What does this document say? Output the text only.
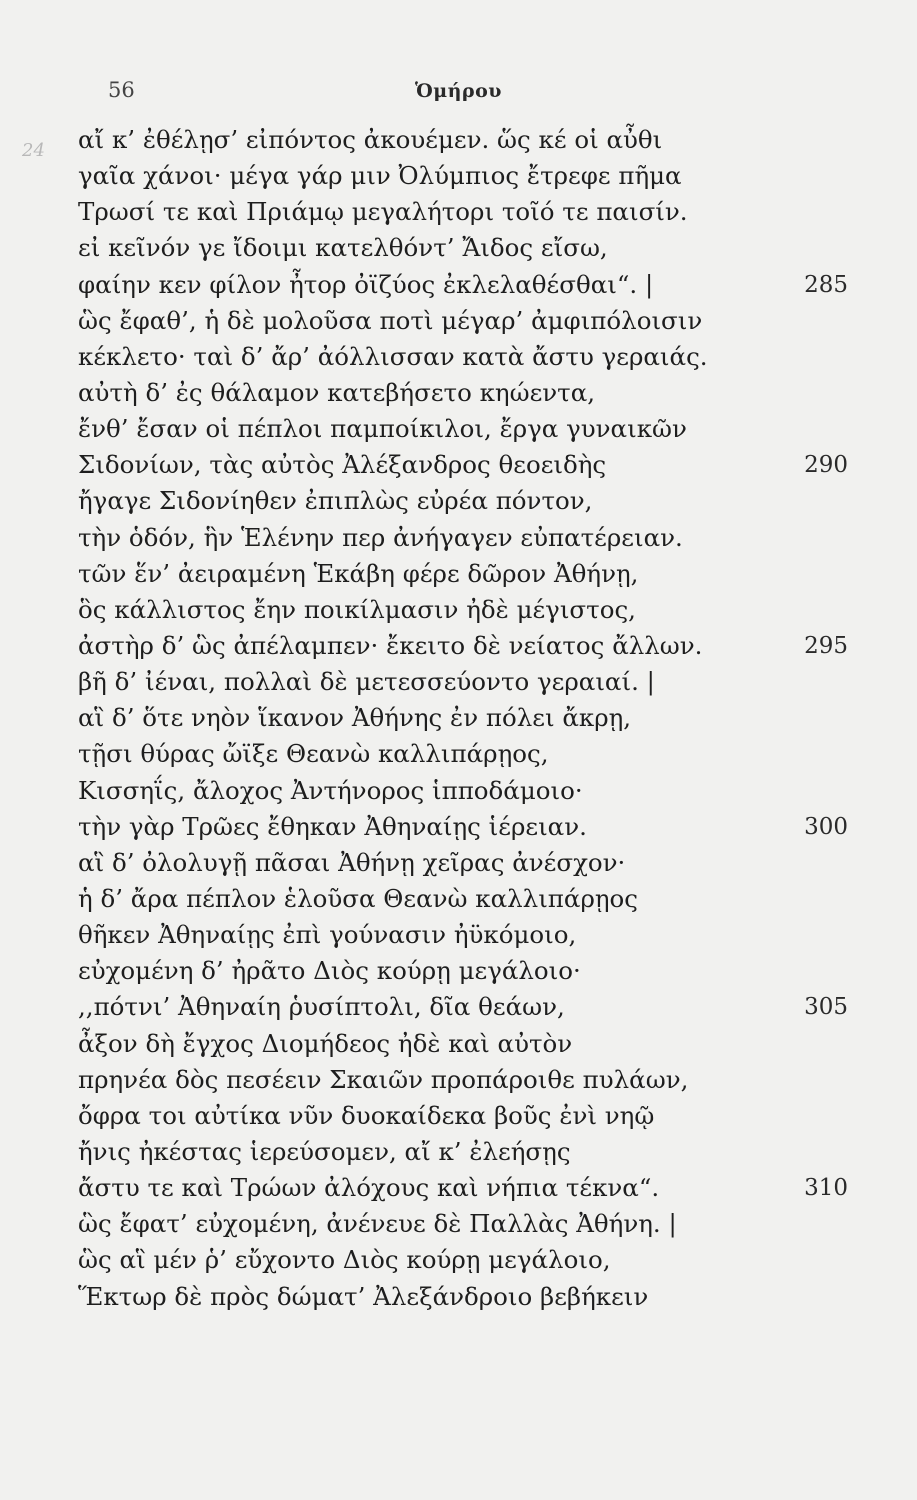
56	Ὁμήρου
24 αἴ κ’ ἐθέλῃσ’ εἰπόντος ἀκουέμεν. ὥς κέ οἱ αὖθι
γαῖα χάνοι· μέγα γάρ μιν Ὀλύμπιος ἔτρεφε πῆμα
Τρωσί τε καὶ Πριάμῳ μεγαλήτορι τοῖό τε παισίν.
εἰ κεῖνόν γε ἴδοιμι κατελθόντ’ Ἄιδος εἴσω,
φαίην κεν φίλον ἦτορ ὀϊζύος ἐκλελαθέσθαι“. |	285
ὣς ἔφαθ’, ἡ δὲ μολοῦσα ποτὶ μέγαρ’ ἀμφιπόλοισιν
κέκλετο· ταὶ δ’ ἄρ’ ἀόλλισσαν κατὰ ἄστυ γεραιάς.
αὐτὴ δ’ ἐς θάλαμον κατεβήσετο κηώεντα,
ἔνθ’ ἔσαν οἱ πέπλοι παμποίκιλοι, ἔργα γυναικῶν
Σιδονίων, τὰς αὐτὸς Ἀλέξανδρος θεοειδὴς	290
ἤγαγε Σιδονίηθεν ἐπιπλὼς εὐρέα πόντον,
τὴν ὁδόν, ἣν Ἑλένην περ ἀνήγαγεν εὐπατέρειαν.
τῶν ἕν’ ἀειραμένη Ἑκάβη φέρε δῶρον Ἀθήνῃ,
ὃς κάλλιστος ἔην ποικίλμασιν ἠδὲ μέγιστος,
ἀστὴρ δ’ ὣς ἀπέλαμπεν· ἔκειτο δὲ νείατος ἄλλων.	295
βῆ δ’ ἰέναι, πολλαὶ δὲ μετεσσεύοντο γεραιαί. |
αἳ δ’ ὅτε νηὸν ἵκανον Ἀθήνης ἐν πόλει ἄκρῃ,
τῇσι θύρας ὤϊξε Θεανὼ καλλιπάρῃος,
Κισσηΐς, ἄλοχος Ἀντήνορος ἱπποδάμοιο·
τὴν γὰρ Τρῶες ἔθηκαν Ἀθηναίῃς ἱέρειαν.	300
αἳ δ’ ὀλολυγῇ πᾶσαι Ἀθήνῃ χεῖρας ἀνέσχον·
ἡ δ’ ἄρα πέπλον ἑλοῦσα Θεανὼ καλλιπάρῃος
θῆκεν Ἀθηναίῃς ἐπὶ γούνασιν ἠϋκόμοιο,
εὐχομένη δ’ ἠρᾶτο Διὸς κούρῃ μεγάλοιο·
,,πότνι’ Ἀθηναίη ῥυσίπτολι, δῖα θεάων,	305
ἆξον δὴ ἔγχος Διομήδεος ἠδὲ καὶ αὐτὸν
πρηνέα δὸς πεσέειν Σκαιῶν προπάροιθε πυλάων,
ὄφρα τοι αὐτίκα νῦν δυοκαίδεκα βοῦς ἐνὶ νηῷ
ἤνις ἠκέστας ἱερεύσομεν, αἴ κ’ ἐλεήσῃς
ἄστυ τε καὶ Τρώων ἀλόχους καὶ νήπια τέκνα“.	310
ὣς ἔφατ’ εὐχομένη, ἀνένευε δὲ Παλλὰς Ἀθήνη. |
ὣς αἳ μέν ῥ’ εὔχοντο Διὸς κούρῃ μεγάλοιο,
Ἕκτωρ δὲ πρὸς δώματ’ Ἀλεξάνδροιο βεβήκειν
